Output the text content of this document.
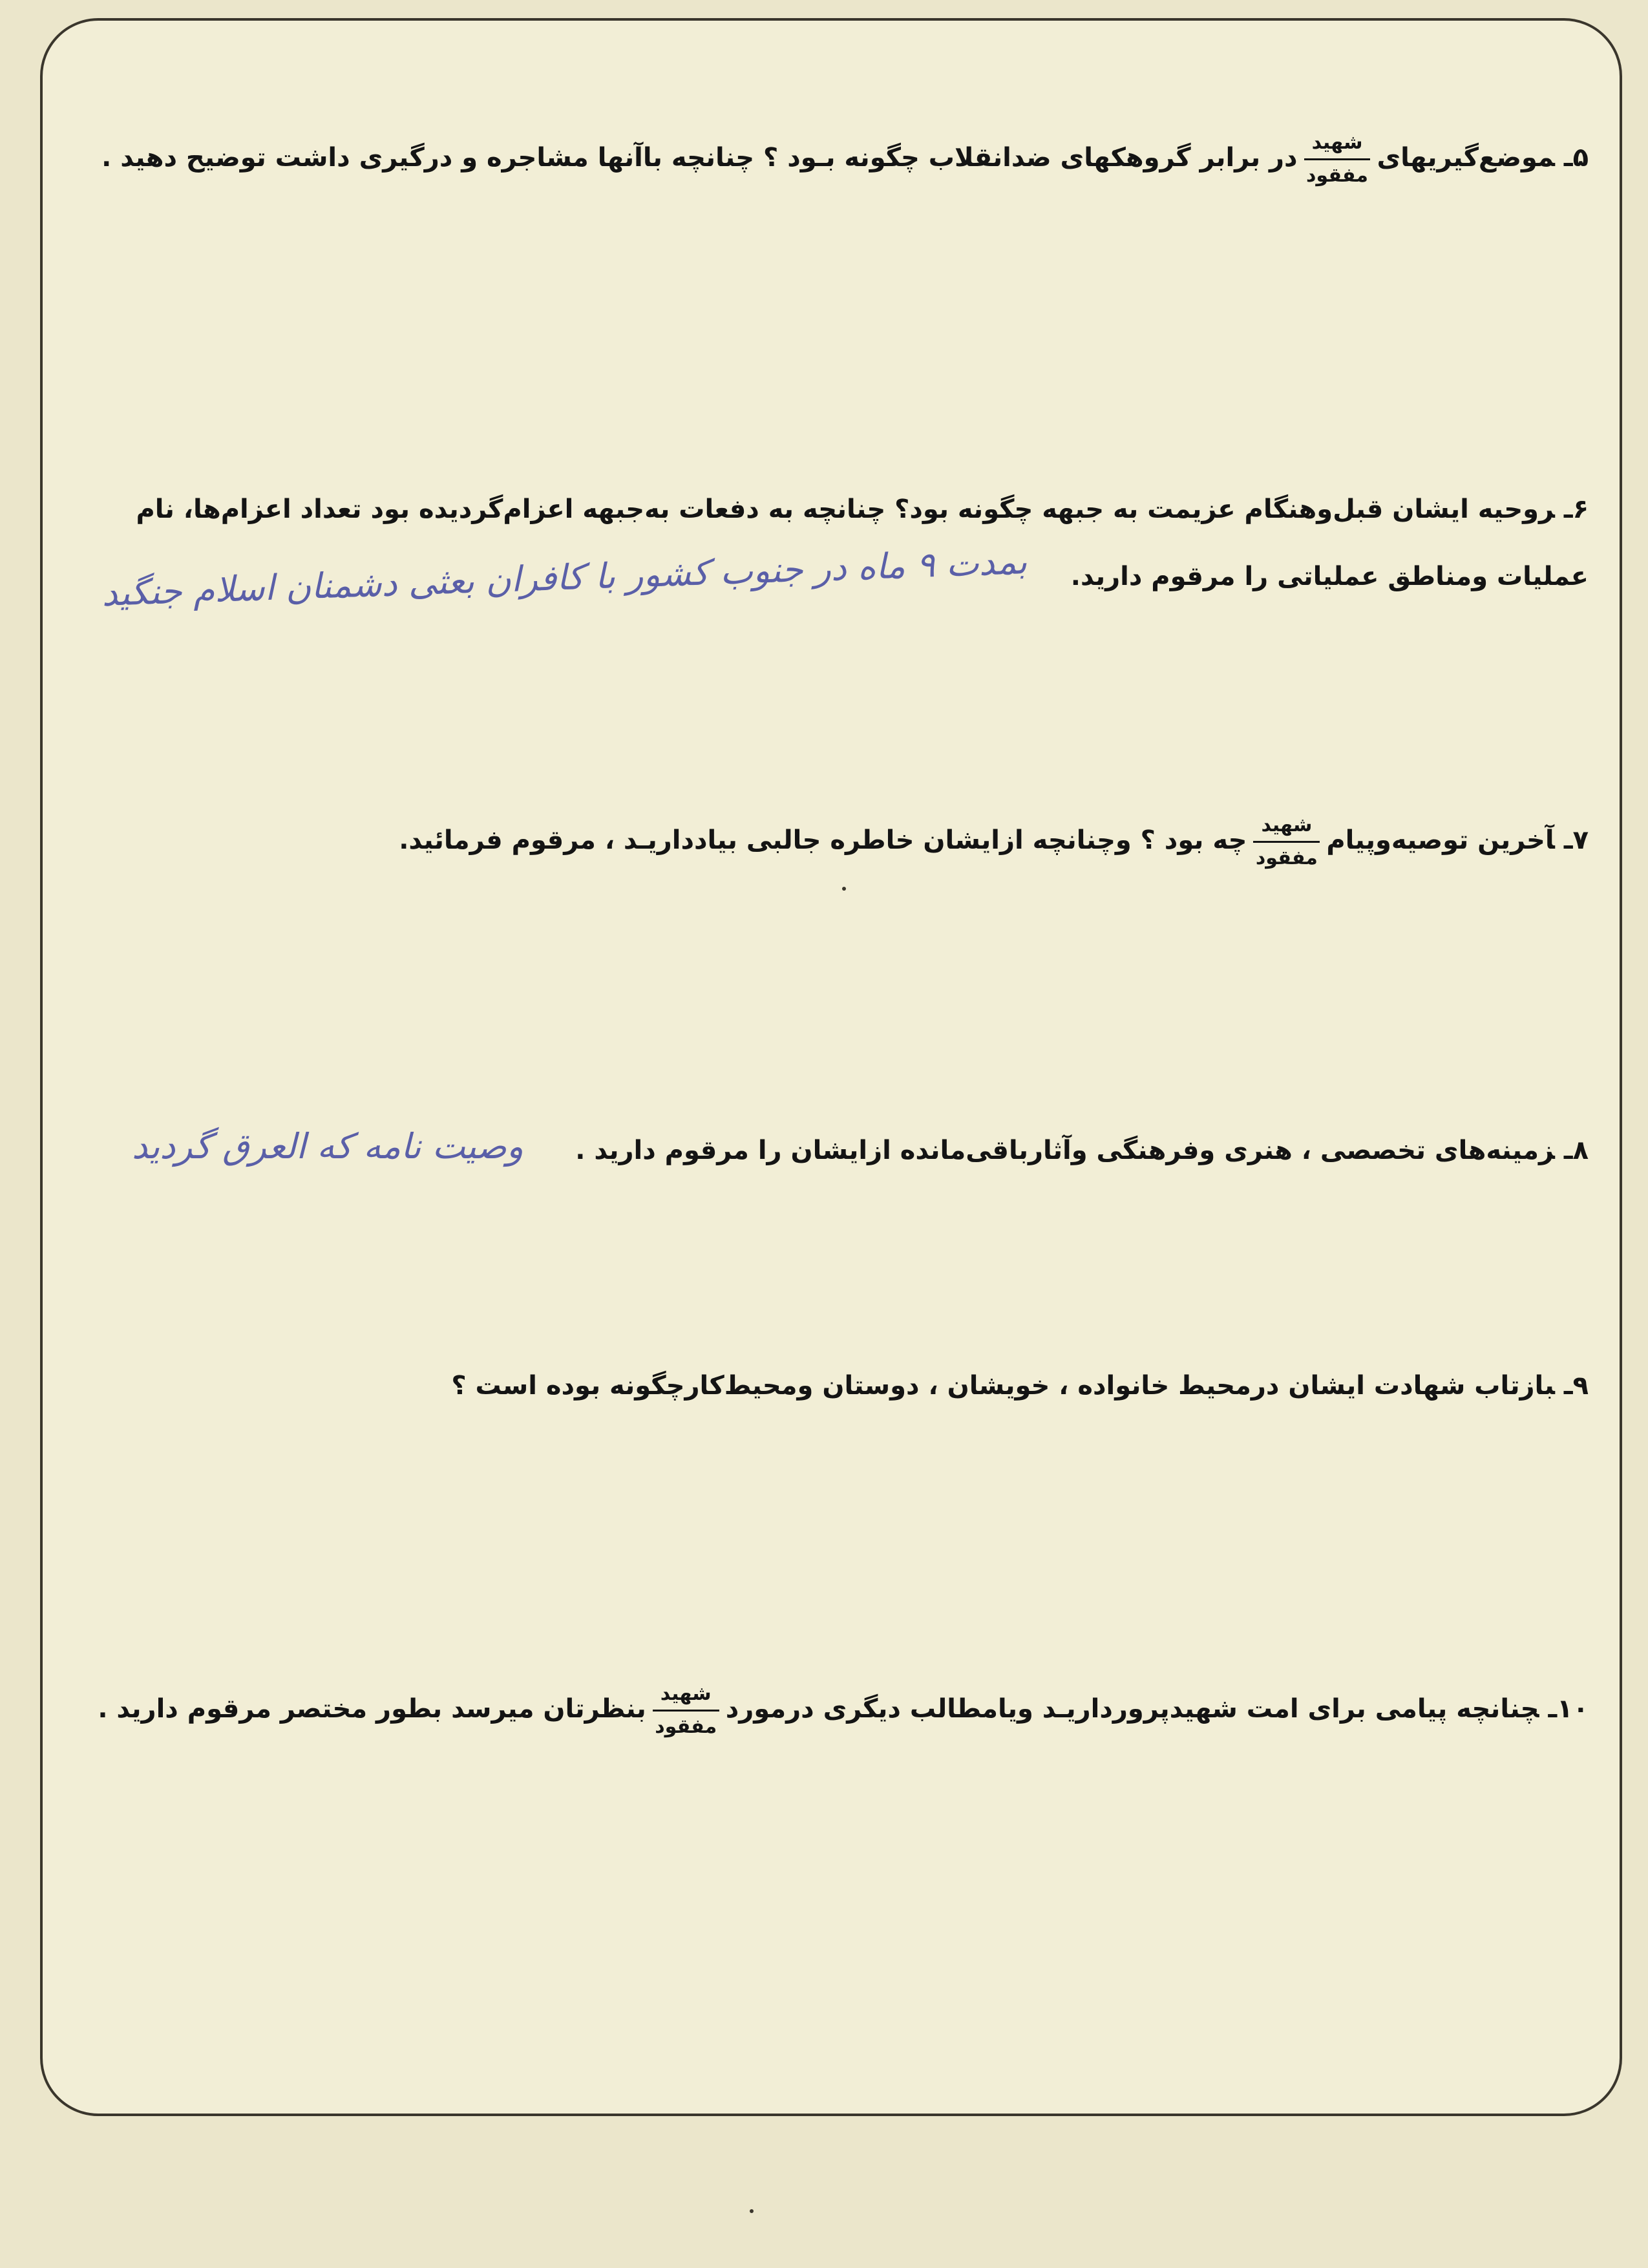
۵ـموضع‌گیریهای
$\frac{\text{شهید}}{\text{مفقود}}$
در برابر گروهکهای ضدانقلاب چگونه بـود ؟ چنانچه باآنها مشاجره و درگیری داشت توضیح دهید .
۶ـروحیه ایشان قبل‌وهنگام عزیمت به جبهه چگونه بود؟ چنانچه به دفعات به‌جبهه اعزام‌گردیده بود تعداد اعزام‌ها، نام عملیات ومناطق عملیاتی را مرقوم دارید.
بمدت ۹ ماه در جنوب کشور با کافران بعثی دشمنان اسلام جنگید
۷ـآخرین توصیه‌وپیام
$\frac{\text{شهید}}{\text{مفقود}}$
چه بود ؟ وچنانچه ازایشان خاطره جالبی بیادداریـد ، مرقوم فرمائید.
۸ـزمینه‌های تخصصی ، هنری وفرهنگی وآثارباقی‌مانده ازایشان را مرقوم دارید .
وصیت نامه که العرق گردید
۹ـبازتاب شهادت ایشان درمحیط خانواده ، خویشان ، دوستان ومحیط‌کارچگونه بوده است ؟
۱۰ـچنانچه پیامی برای امت شهیدپرورداریـد ویامطالب دیگری درمورد
$\frac{\text{شهید}}{\text{مفقود}}$
بنظرتان میرسد بطور مختصر مرقوم دارید .
